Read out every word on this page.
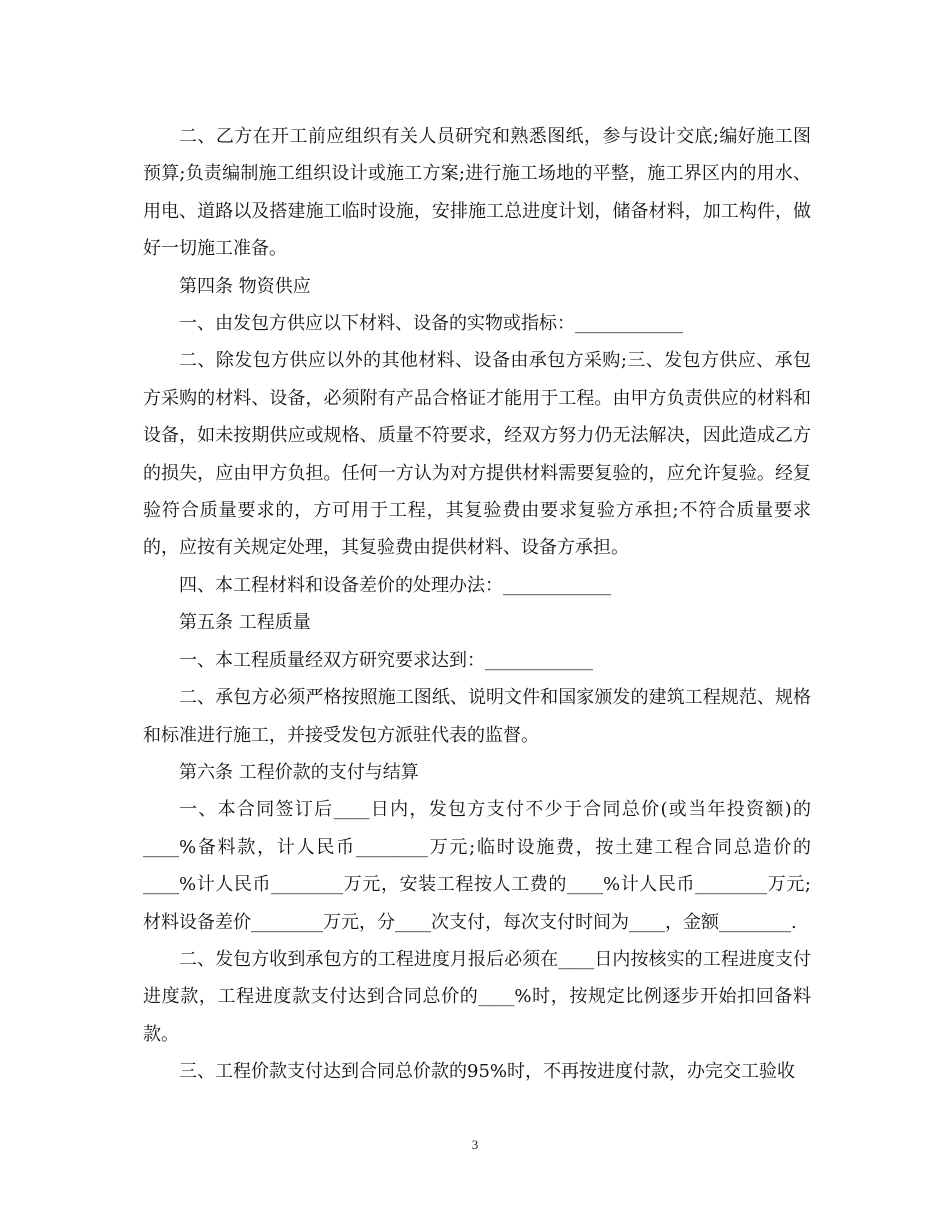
二、乙方在开工前应组织有关人员研究和熟悉图纸，参与设计交底;编好施工图预算;负责编制施工组织设计或施工方案;进行施工场地的平整，施工界区内的用水、用电、道路以及搭建施工临时设施，安排施工总进度计划，储备材料，加工构件，做好一切施工准备。

第四条 物资供应

一、由发包方供应以下材料、设备的实物或指标：____________

二、除发包方供应以外的其他材料、设备由承包方采购;三、发包方供应、承包方采购的材料、设备，必须附有产品合格证才能用于工程。由甲方负责供应的材料和设备，如未按期供应或规格、质量不符要求，经双方努力仍无法解决，因此造成乙方的损失，应由甲方负担。任何一方认为对方提供材料需要复验的，应允许复验。经复验符合质量要求的，方可用于工程，其复验费由要求复验方承担;不符合质量要求的，应按有关规定处理，其复验费由提供材料、设备方承担。

四、本工程材料和设备差价的处理办法：____________

第五条 工程质量

一、本工程质量经双方研究要求达到：____________

二、承包方必须严格按照施工图纸、说明文件和国家颁发的建筑工程规范、规格和标准进行施工，并接受发包方派驻代表的监督。

第六条 工程价款的支付与结算

一、本合同签订后____日内，发包方支付不少于合同总价(或当年投资额)的____%备料款，计人民币________万元;临时设施费，按土建工程合同总造价的____%计人民币________万元，安装工程按人工费的____%计人民币________万元;材料设备差价________万元，分____次支付，每次支付时间为____，金额________.

二、发包方收到承包方的工程进度月报后必须在____日内按核实的工程进度支付进度款，工程进度款支付达到合同总价的____%时，按规定比例逐步开始扣回备料款。

三、工程价款支付达到合同总价款的95%时，不再按进度付款，办完交工验收

3
